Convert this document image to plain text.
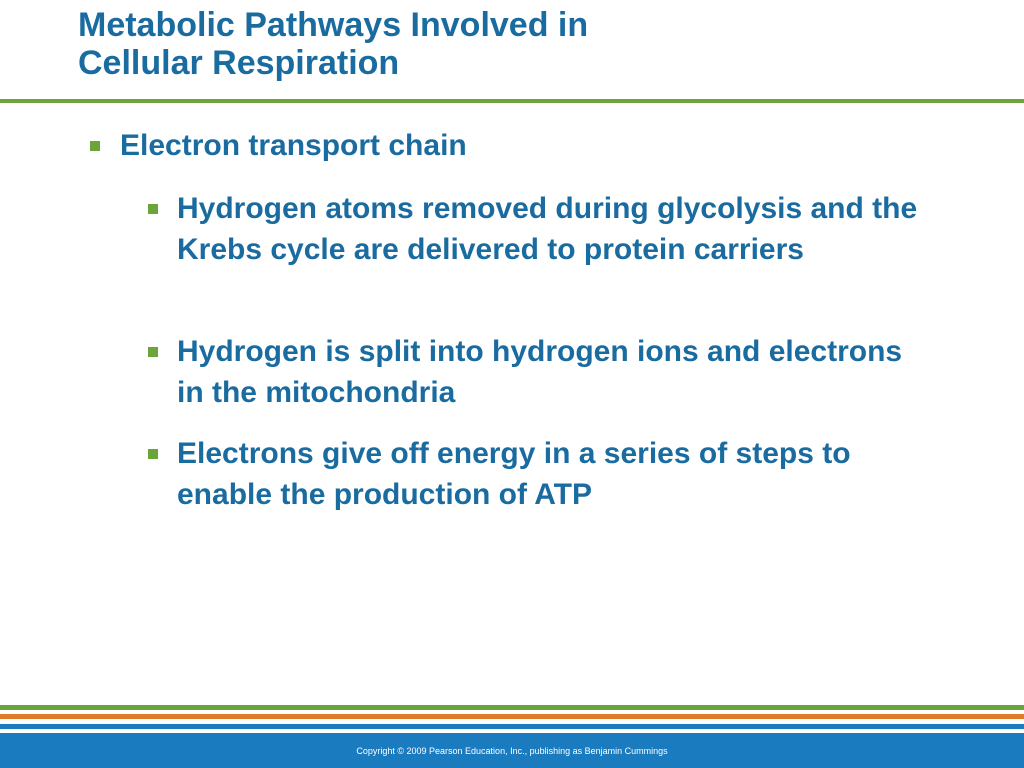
Metabolic Pathways Involved in
Cellular Respiration
Electron transport chain
Hydrogen atoms removed during glycolysis and the Krebs cycle are delivered to protein carriers
Hydrogen is split into hydrogen ions and electrons in the mitochondria
Electrons give off energy in a series of steps to enable the production of ATP
Copyright © 2009 Pearson Education, Inc., publishing as Benjamin Cummings
